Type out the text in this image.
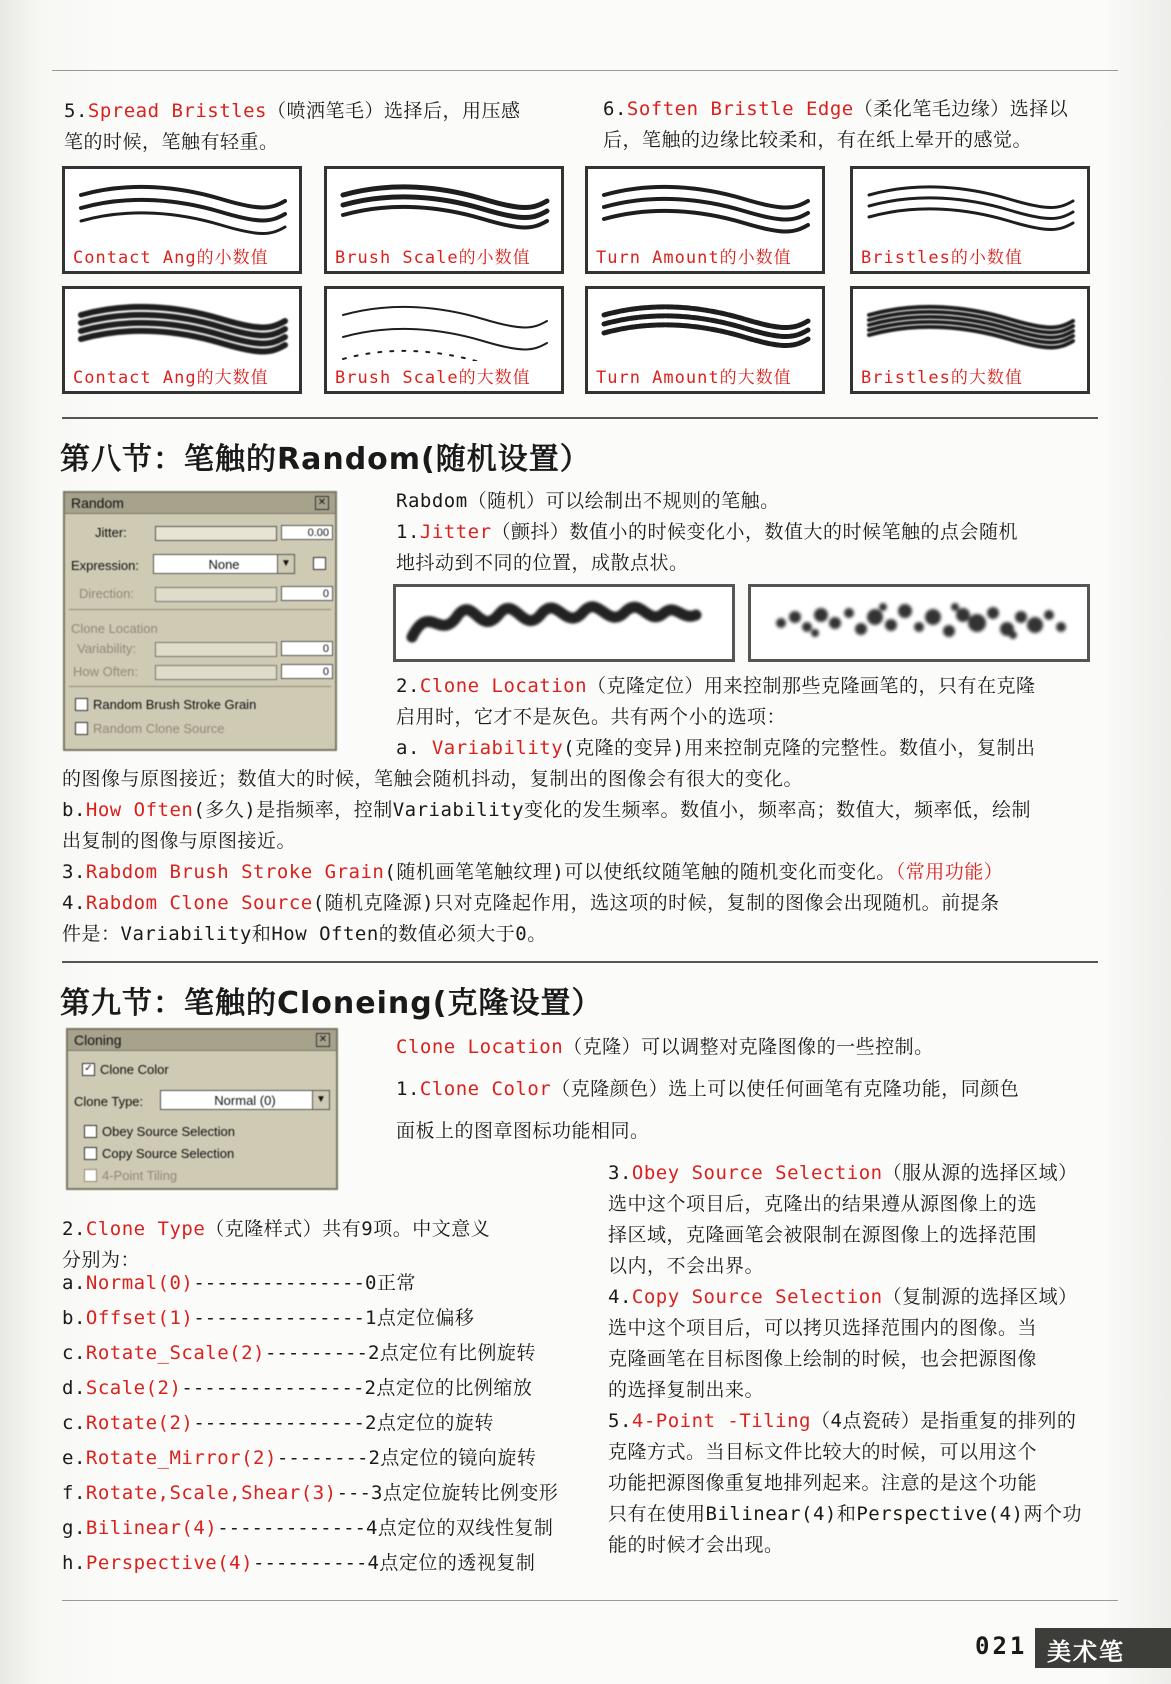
5.Spread Bristles（喷洒笔毛）选择后，用压感

笔的时候，笔触有轻重。

6.Soften Bristle Edge（柔化笔毛边缘）选择以

后，笔触的边缘比较柔和，有在纸上晕开的感觉。

Contact Ang的小数值	Brush Scale的小数值	Turn Amount的小数值	Bristles的小数值
Contact Ang的大数值	Brush Scale的大数值	Turn Amount的大数值	Bristles的大数值
第八节：笔触的Random(随机设置）
Random	✕
Jitter:	0.00
Expression:	None	▼
Direction:	0
Clone Location
Variability:	0
How Often:	0
Random Brush Stroke Grain
Random Clone Source

Rabdom（随机）可以绘制出不规则的笔触。

1.Jitter（颤抖）数值小的时候变化小，数值大的时候笔触的点会随机

地抖动到不同的位置，成散点状。

2.Clone Location（克隆定位）用来控制那些克隆画笔的，只有在克隆

启用时，它才不是灰色。共有两个小的选项：

a. Variability(克隆的变异)用来控制克隆的完整性。数值小，复制出

的图像与原图接近；数值大的时候，笔触会随机抖动，复制出的图像会有很大的变化。

b.How Often(多久)是指频率，控制Variability变化的发生频率。数值小，频率高；数值大，频率低，绘制

出复制的图像与原图接近。

3.Rabdom Brush Stroke Grain(随机画笔笔触纹理)可以使纸纹随笔触的随机变化而变化。（常用功能）

4.Rabdom Clone Source(随机克隆源)只对克隆起作用，选这项的时候，复制的图像会出现随机。前提条

件是：Variability和How Often的数值必须大于0。

第九节：笔触的Cloneing(克隆设置）
Cloning	✕
✓ Clone Color
Clone Type:	Normal (0)	▼
Obey Source Selection
Copy Source Selection
4-Point Tiling

Clone Location（克隆）可以调整对克隆图像的一些控制。

1.Clone Color（克隆颜色）选上可以使任何画笔有克隆功能，同颜色

面板上的图章图标功能相同。

2.Clone Type（克隆样式）共有9项。中文意义

分别为：

a.Normal(0)---------------0正常

b.Offset(1)---------------1点定位偏移

c.Rotate_Scale(2)---------2点定位有比例旋转

d.Scale(2)----------------2点定位的比例缩放

c.Rotate(2)---------------2点定位的旋转

e.Rotate_Mirror(2)--------2点定位的镜向旋转

f.Rotate,Scale,Shear(3)---3点定位旋转比例变形

g.Bilinear(4)-------------4点定位的双线性复制

h.Perspective(4)----------4点定位的透视复制

3.Obey Source Selection（服从源的选择区域）

选中这个项目后，克隆出的结果遵从源图像上的选

择区域，克隆画笔会被限制在源图像上的选择范围

以内，不会出界。

4.Copy Source Selection（复制源的选择区域）

选中这个项目后，可以拷贝选择范围内的图像。当

克隆画笔在目标图像上绘制的时候，也会把源图像

的选择复制出来。

5.4-Point -Tiling（4点瓷砖）是指重复的排列的

克隆方式。当目标文件比较大的时候，可以用这个

功能把源图像重复地排列起来。注意的是这个功能

只有在使用Bilinear(4)和Perspective(4)两个功

能的时候才会出现。

021 美术笔
